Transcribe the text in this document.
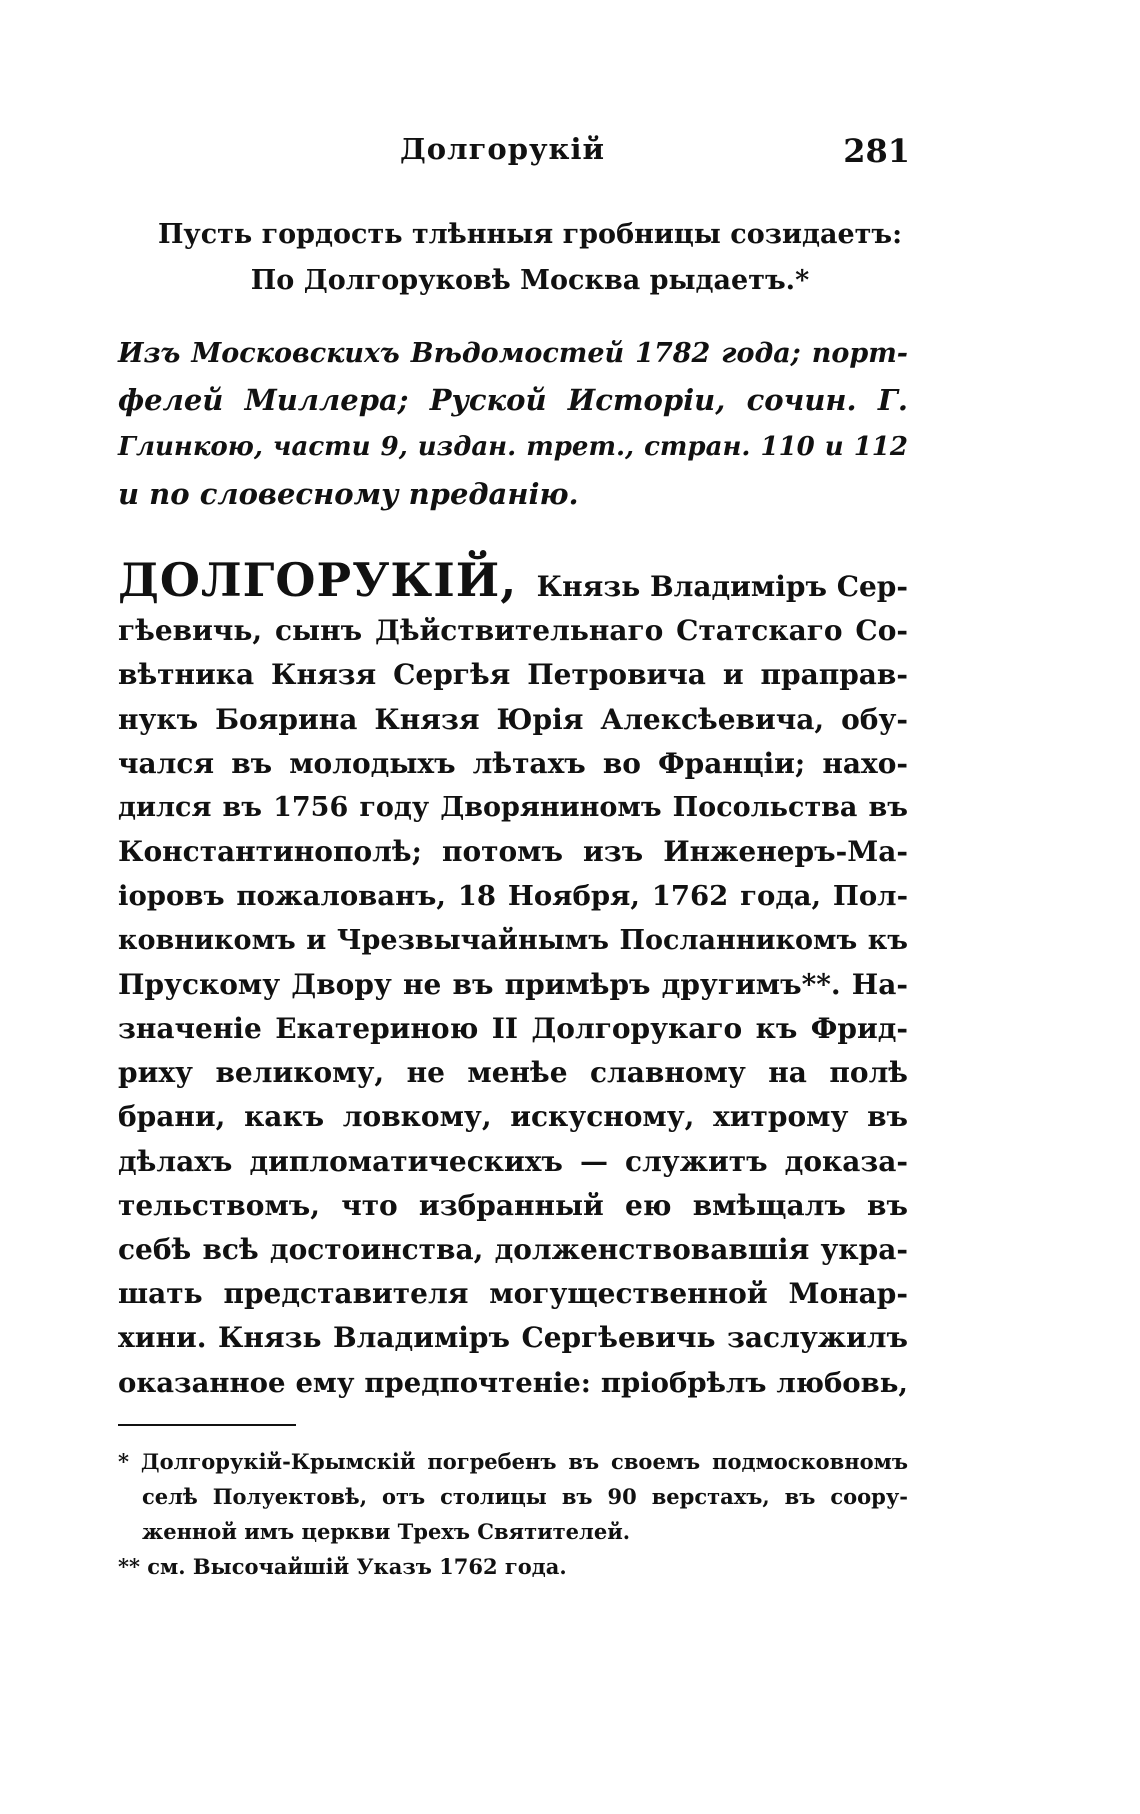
Долгорукій	281
Пусть гордость тлѣнныя гробницы созидаетъ:
По Долгоруковѣ Москва рыдаетъ.*
Изъ Московскихъ Вѣдомостей 1782 года; порт-
фелей Миллера; Руской Исторіи, сочин. Г.
Глинкою, части 9, издан. трет., стран. 110 и 112
и по словесному преданію.
ДОЛГОРУКІЙ, Князь Владиміръ Сер-
гѣевичь, сынъ Дѣйствительнаго Статскаго Со-
вѣтника Князя Сергѣя Петровича и праправ-
нукъ Боярина Князя Юрія Алексѣевича, обу-
чался въ молодыхъ лѣтахъ во Франціи; нахо-
дился въ 1756 году Двоpяниномъ Посольства въ
Константинополѣ; потомъ изъ Инженеръ-Ма-
іоровъ пожалованъ, 18 Ноября, 1762 года, Пол-
ковникомъ и Чрезвычайнымъ Посланникомъ къ
Прускому Двору не въ примѣръ другимъ**. На-
значеніе Екатериною II Долгорукаго къ Фрид-
риху великому, не менѣе славному на полѣ
брани, какъ ловкому, искусному, хитрому въ
дѣлахъ дипломатическихъ — служитъ доказа-
тельствомъ, что избранный ею вмѣщалъ въ
себѣ всѣ достоинства, долженствовавшія укра-
шать представителя могущественной Монар-
хини. Князь Владиміръ Сергѣевичь заслужилъ
оказанное ему предпочтеніе: пріобрѣлъ любовь,
* Долгорукій-Крымскій погребенъ въ своемъ подмосковномъ
селѣ Полуектовѣ, отъ столицы въ 90 верстахъ, въ соору-
женной имъ церкви Трехъ Святителей.
** см. Высочайшій Указъ 1762 года.
